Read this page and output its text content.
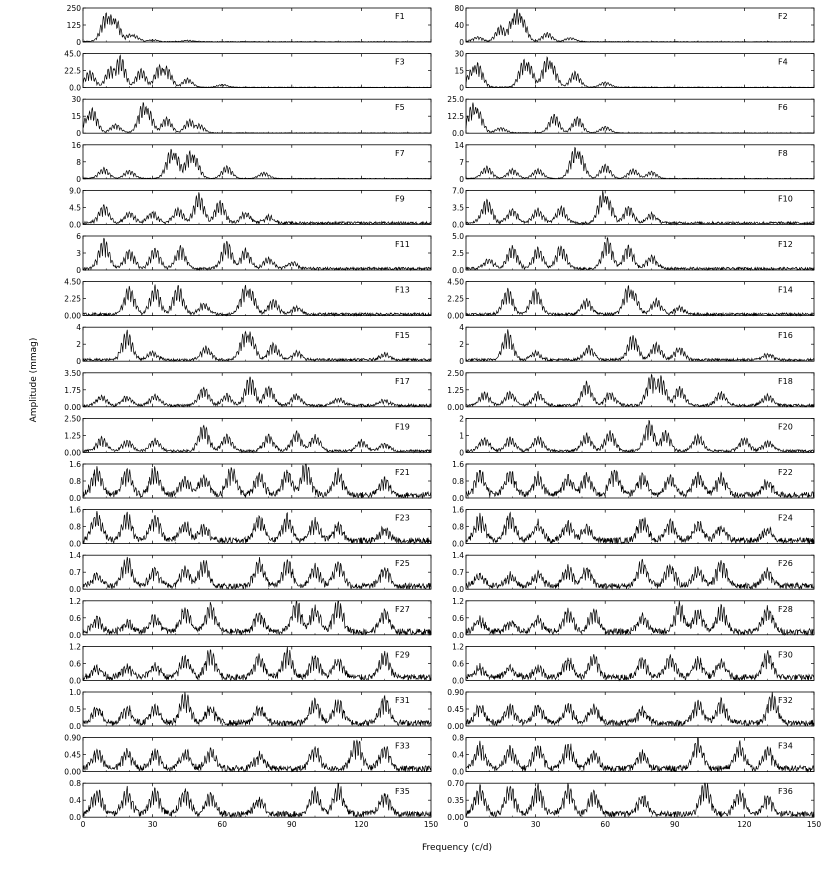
0
125
250
F1
0
40
80
F2
0.0
22.5
45.0
F3
0
15
30
F4
0
15
30
F5
0.0
12.5
25.0
F6
0
8
16
F7
0
7
14
F8
0.0
4.5
9.0
F9
0.0
3.5
7.0
F10
0
3
6
F11
0.0
2.5
5.0
F12
0.00
2.25
4.50
F13
0.00
2.25
4.50
F14
0
2
4
F15
0
2
4
F16
0.00
1.75
3.50
F17
0.00
1.25
2.50
F18
0.00
1.25
2.50
F19
0
1
2
F20
0.0
0.8
1.6
F21
0.0
0.8
1.6
F22
0.0
0.8
1.6
F23
0.0
0.8
1.6
F24
0.0
0.7
1.4
F25
0.0
0.7
1.4
F26
0.0
0.6
1.2
F27
0.0
0.6
1.2
F28
0.0
0.6
1.2
F29
0.0
0.6
1.2
F30
0.0
0.5
1.0
F31
0.00
0.45
0.90
F32
0.00
0.45
0.90
F33
0.0
0.4
0.8
F34
0.0
0.4
0.8
F35
0.00
0.35
0.70
F36
0	30	60	90	120	150	0	30	60	90	120	150
Amplitude (mmag)
Frequency (c/d)
